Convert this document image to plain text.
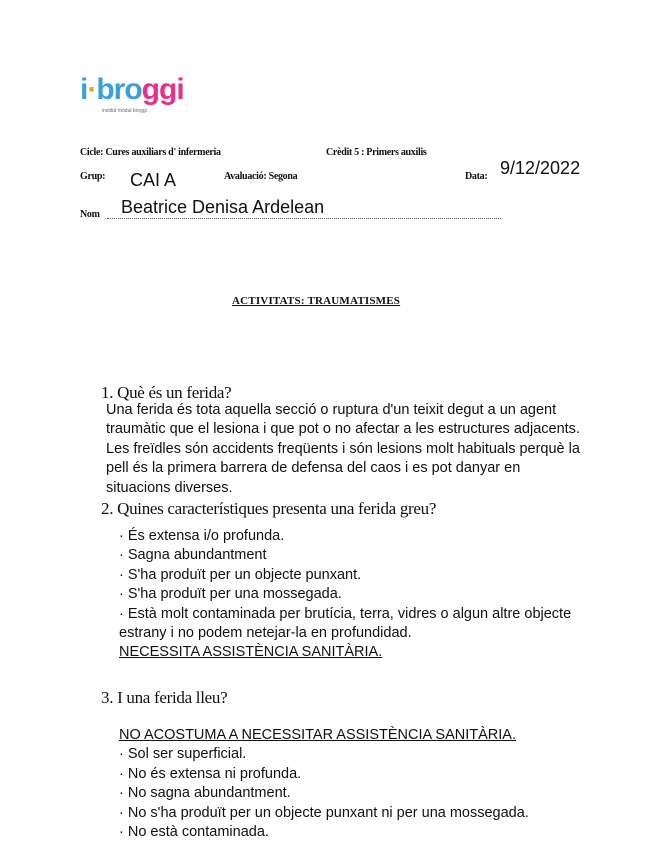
i·broggi
institut mòdul broggi
Cicle: Cures auxiliars d' infermeria	Crèdit 5 : Primers auxilis
Grup: CAI A	Avaluació: Segona	Data: 9/12/2022
Nom Beatrice Denisa Ardelean
ACTIVITATS: TRAUMATISMES
1. Què és un ferida?
Una ferida és tota aquella secció o ruptura d'un teixit degut a un agent
traumàtic que el lesiona i que pot o no afectar a les estructures adjacents.
Les freïdles són accidents freqüents i són lesions molt habituals perquè la
pell és la primera barrera de defensa del caos i es pot danyar en
situacions diverses.
2. Quines característiques presenta una ferida greu?
· És extensa i/o profunda.
· Sagna abundantment
· S'ha produït per un objecte punxant.
· S'ha produït per una mossegada.
· Està molt contaminada per brutícia, terra, vidres o algun altre objecte
estrany i no podem netejar-la en profundidad.
NECESSITA ASSISTÈNCIA SANITÀRIA.
3. I una ferida lleu?
NO ACOSTUMA A NECESSITAR ASSISTÈNCIA SANITÀRIA.
· Sol ser superficial.
· No és extensa ni profunda.
· No sagna abundantment.
· No s'ha produït per un objecte punxant ni per una mossegada.
· No està contaminada.
